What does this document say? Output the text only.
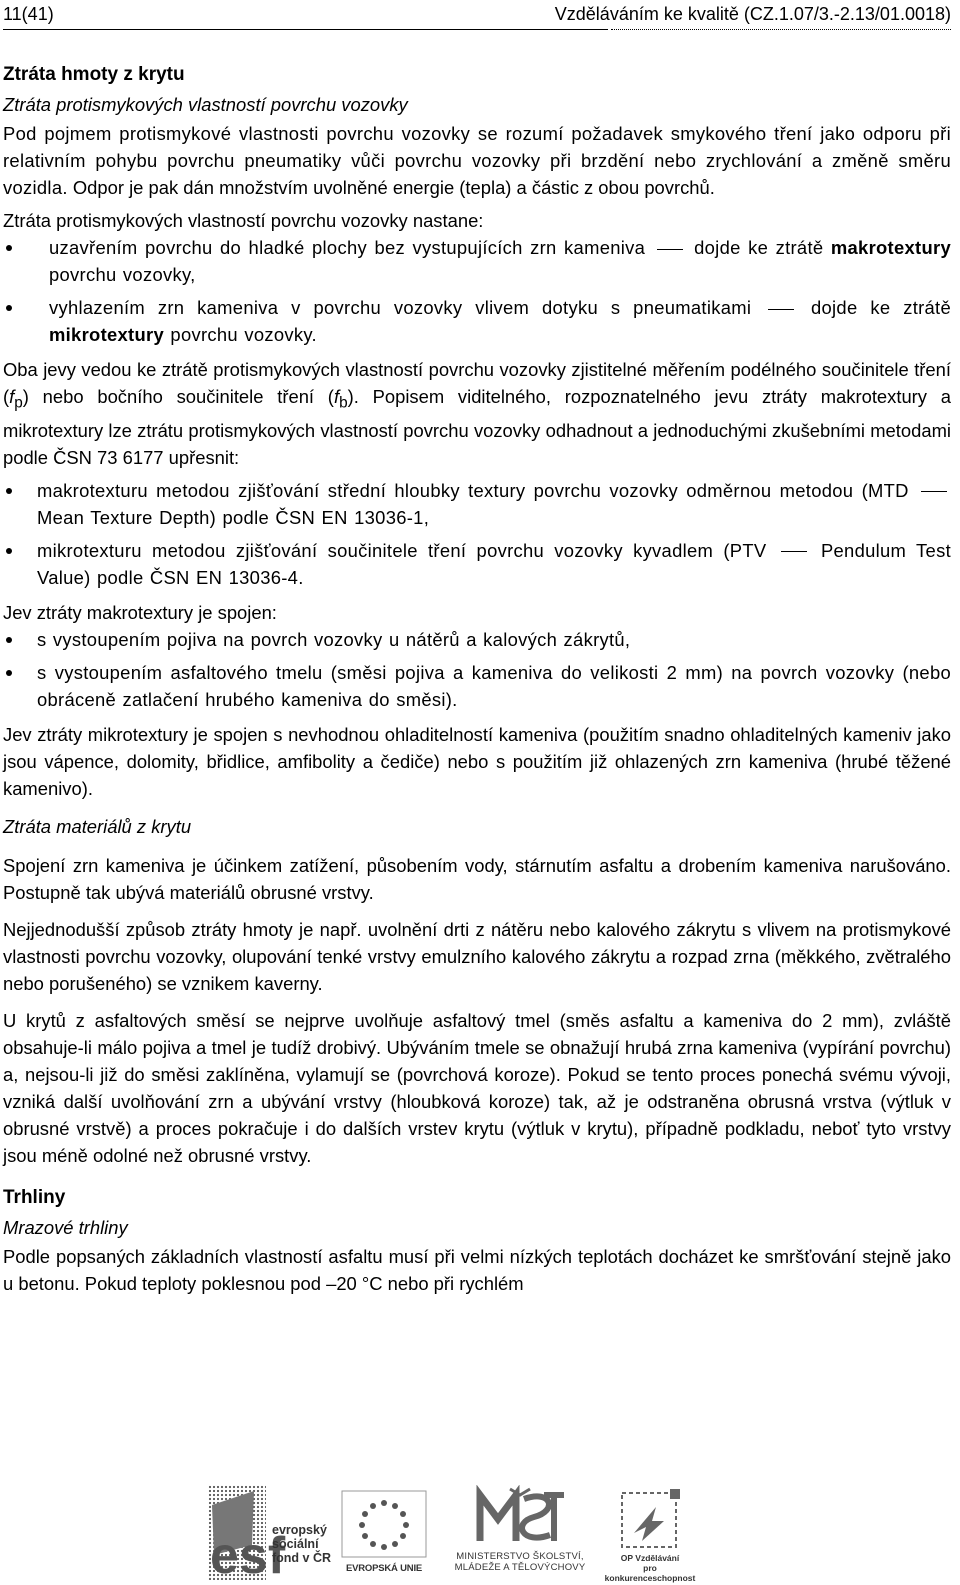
11(41)	Vzděláváním ke kvalitě (CZ.1.07/3.-2.13/01.0018)

Ztráta hmoty z krytu

Ztráta protismykových vlastností povrchu vozovky

Pod pojmem protismykové vlastnosti povrchu vozovky se rozumí požadavek smykového tření jako odporu při relativním pohybu povrchu pneumatiky vůči povrchu vozovky při brzdění nebo zrychlování a změně směru vozidla. Odpor je pak dán množstvím uvolněné energie (tepla) a částic z obou povrchů.

Ztráta protismykových vlastností povrchu vozovky nastane:

uzavřením povrchu do hladké plochy bez vystupujících zrn kameniva  dojde ke ztrátě makrotextury povrchu vozovky,
vyhlazením zrn kameniva v povrchu vozovky vlivem dotyku s pneumatikami	dojde ke ztrátě mikrotextury povrchu vozovky.

Oba jevy vedou ke ztrátě protismykových vlastností povrchu vozovky zjistitelné měřením podélného součinitele tření $(f_p)$ nebo bočního součinitele tření $(f_b)$. Popisem viditelného, rozpoznatelného jevu ztráty makrotextury a mikrotextury lze ztrátu protismykových vlastností povrchu vozovky odhadnout a jednoduchými zkušebními metodami podle ČSN 73 6177 upřesnit:

makrotexturu metodou zjišťování střední hloubky textury povrchu vozovky odměrnou metodou (MTD  Mean Texture Depth) podle ČSN EN 13036-1,
mikrotexturu metodou zjišťování součinitele tření povrchu vozovky kyvadlem (PTV  Pendulum Test Value) podle ČSN EN 13036-4.

Jev ztráty makrotextury je spojen:

s vystoupením pojiva na povrch vozovky u nátěrů a kalových zákrytů,
s vystoupením asfaltového tmelu (směsi pojiva a kameniva do velikosti 2 mm) na povrch vozovky (nebo obráceně zatlačení hrubého kameniva do směsi).

Jev ztráty mikrotextury je spojen s nevhodnou ohladitelností kameniva (použitím snadno ohladitelných kameniv jako jsou vápence, dolomity, břidlice, amfibolity a čediče) nebo s použitím již ohlazených zrn kameniva (hrubé těžené kamenivo).

Ztráta materiálů z krytu

Spojení zrn kameniva je účinkem zatížení, působením vody, stárnutím asfaltu a drobením kameniva narušováno. Postupně tak ubývá materiálů obrusné vrstvy.

Nejjednodušší způsob ztráty hmoty je např. uvolnění drti z nátěru nebo kalového zákrytu s vlivem na protismykové vlastnosti povrchu vozovky, olupování tenké vrstvy emulzního kalového zákrytu a rozpad zrna (měkkého, zvětralého nebo porušeného) se vznikem kaverny.

U krytů z asfaltových směsí se nejprve uvolňuje asfaltový tmel (směs asfaltu a kameniva do 2 mm), zvláště obsahuje-li málo pojiva a tmel je tudíž drobivý. Ubýváním tmele se obnažují hrubá zrna kameniva (vypírání povrchu) a, nejsou-li již do směsi zaklíněna, vylamují se (povrchová koroze). Pokud se tento proces ponechá svému vývoji, vzniká další uvolňování zrn a ubývání vrstvy (hloubková koroze) tak, až je odstraněna obrusná vrstva (výtluk v obrusné vrstvě) a proces pokračuje i do dalších vrstev krytu (výtluk v krytu), případně podkladu, neboť tyto vrstvy jsou méně odolné než obrusné vrstvy.

Trhliny

Mrazové trhliny

Podle popsaných základních vlastností asfaltu musí při velmi nízkých teplotách docházet ke smršťování stejně jako u betonu. Pokud teploty poklesnou pod –20 °C nebo při rychlém

esf
evropský
sociální
fond v ČR
EVROPSKÁ UNIE
MINISTERSTVO ŠKOLSTVÍ,
MLÁDEŽE A TĚLOVÝCHOVY
OP Vzdělávání
pro konkurenceschopnost
